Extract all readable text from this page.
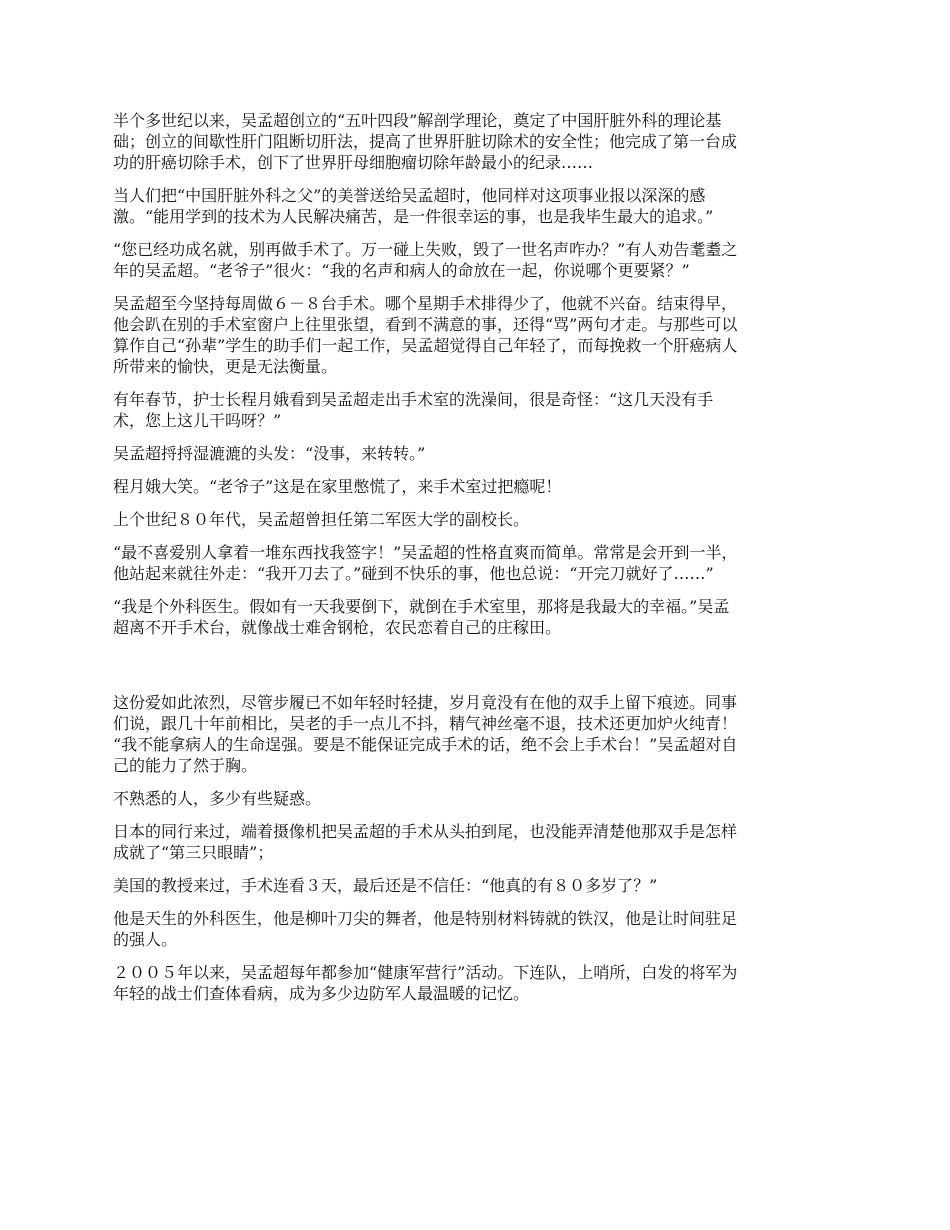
半个多世纪以来，吴孟超创立的“五叶四段”解剖学理论，奠定了中国肝脏外科的理论基
础；创立的间歇性肝门阻断切肝法，提高了世界肝脏切除术的安全性；他完成了第一台成
功的肝癌切除手术，创下了世界肝母细胞瘤切除年龄最小的纪录……

当人们把“中国肝脏外科之父”的美誉送给吴孟超时，他同样对这项事业报以深深的感
激。“能用学到的技术为人民解决痛苦，是一件很幸运的事，也是我毕生最大的追求。”

“您已经功成名就，别再做手术了。万一碰上失败，毁了一世名声咋办？”有人劝告耄耋之
年的吴孟超。“老爷子”很火：“我的名声和病人的命放在一起，你说哪个更要紧？”

吴孟超至今坚持每周做６－８台手术。哪个星期手术排得少了，他就不兴奋。结束得早，
他会趴在别的手术室窗户上往里张望，看到不满意的事，还得“骂”两句才走。与那些可以
算作自己“孙辈”学生的助手们一起工作，吴孟超觉得自己年轻了，而每挽救一个肝癌病人
所带来的愉快，更是无法衡量。

有年春节，护士长程月娥看到吴孟超走出手术室的洗澡间，很是奇怪：“这几天没有手
术，您上这儿干吗呀？”

吴孟超捋捋湿漉漉的头发：“没事，来转转。”

程月娥大笑。“老爷子”这是在家里憋慌了，来手术室过把瘾呢！

上个世纪８０年代，吴孟超曾担任第二军医大学的副校长。

“最不喜爱别人拿着一堆东西找我签字！”吴孟超的性格直爽而简单。常常是会开到一半，
他站起来就往外走：“我开刀去了。”碰到不快乐的事，他也总说：“开完刀就好了……”

“我是个外科医生。假如有一天我要倒下，就倒在手术室里，那将是我最大的幸福。”吴孟
超离不开手术台，就像战士难舍钢枪，农民恋着自己的庄稼田。

这份爱如此浓烈，尽管步履已不如年轻时轻捷，岁月竟没有在他的双手上留下痕迹。同事
们说，跟几十年前相比，吴老的手一点儿不抖，精气神丝毫不退，技术还更加炉火纯青！
“我不能拿病人的生命逞强。要是不能保证完成手术的话，绝不会上手术台！”吴孟超对自
己的能力了然于胸。

不熟悉的人，多少有些疑惑。

日本的同行来过，端着摄像机把吴孟超的手术从头拍到尾，也没能弄清楚他那双手是怎样
成就了“第三只眼睛”；

美国的教授来过，手术连看３天，最后还是不信任：“他真的有８０多岁了？”

他是天生的外科医生，他是柳叶刀尖的舞者，他是特别材料铸就的铁汉，他是让时间驻足
的强人。

２００５年以来，吴孟超每年都参加“健康军营行”活动。下连队，上哨所，白发的将军为
年轻的战士们查体看病，成为多少边防军人最温暖的记忆。
